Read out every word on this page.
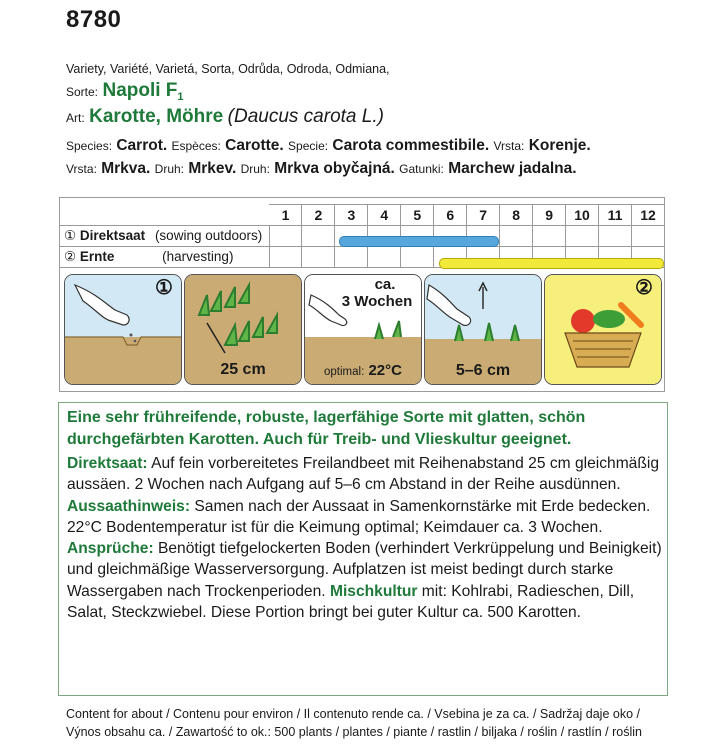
8780
Variety, Variété, Varietá, Sorta, Odrůda, Odroda, Odmiana,
Sorte: Napoli $F_1$
Art: Karotte, Möhre (Daucus carota L.)
Species: Carrot. Espèces: Carotte. Specie: Carota commestibile. Vrsta: Korenje.
Vrsta: Mrkva. Druh: Mrkev. Druh: Mrkva obyčajná. Gatunki: Marchew jadalna.
	1	2	3	4	5	6	7	8	9	10	11	12
① Direktsaat (sowing outdoors)												
② Ernte (harvesting)												
①
25 cm
ca.
3 Wochen
optimal: 22°C	5–6 cm
②
Eine sehr frühreifende, robuste, lagerfähige Sorte mit glatten, schön durchgefärbten Karotten. Auch für Treib- und Vlieskultur geeignet.
Direktsaat: Auf fein vorbereitetes Freilandbeet mit Reihenabstand 25 cm gleichmäßig aussäen. 2 Wochen nach Aufgang auf 5–6 cm Abstand in der Reihe ausdünnen. Aussaathinweis: Samen nach der Aussaat in Samenkornstärke mit Erde bedecken. 22°C Bodentemperatur ist für die Keimung optimal; Keimdauer ca. 3 Wochen. Ansprüche: Benötigt tiefgelockerten Boden (verhindert Verkrüppelung und Beinigkeit) und gleichmäßige Wasserversorgung. Aufplatzen ist meist bedingt durch starke Wassergaben nach Trockenperioden. Mischkultur mit: Kohlrabi, Radieschen, Dill, Salat, Steckzwiebel. Diese Portion bringt bei guter Kultur ca. 500 Karotten.
Content for about / Contenu pour environ / Il contenuto rende ca. / Vsebina je za ca. / Sadržaj daje oko /
Výnos obsahu ca. / Zawartość to ok.: 500 plants / plantes / piante / rastlin / biljaka / roślin / rastlín / roślin
